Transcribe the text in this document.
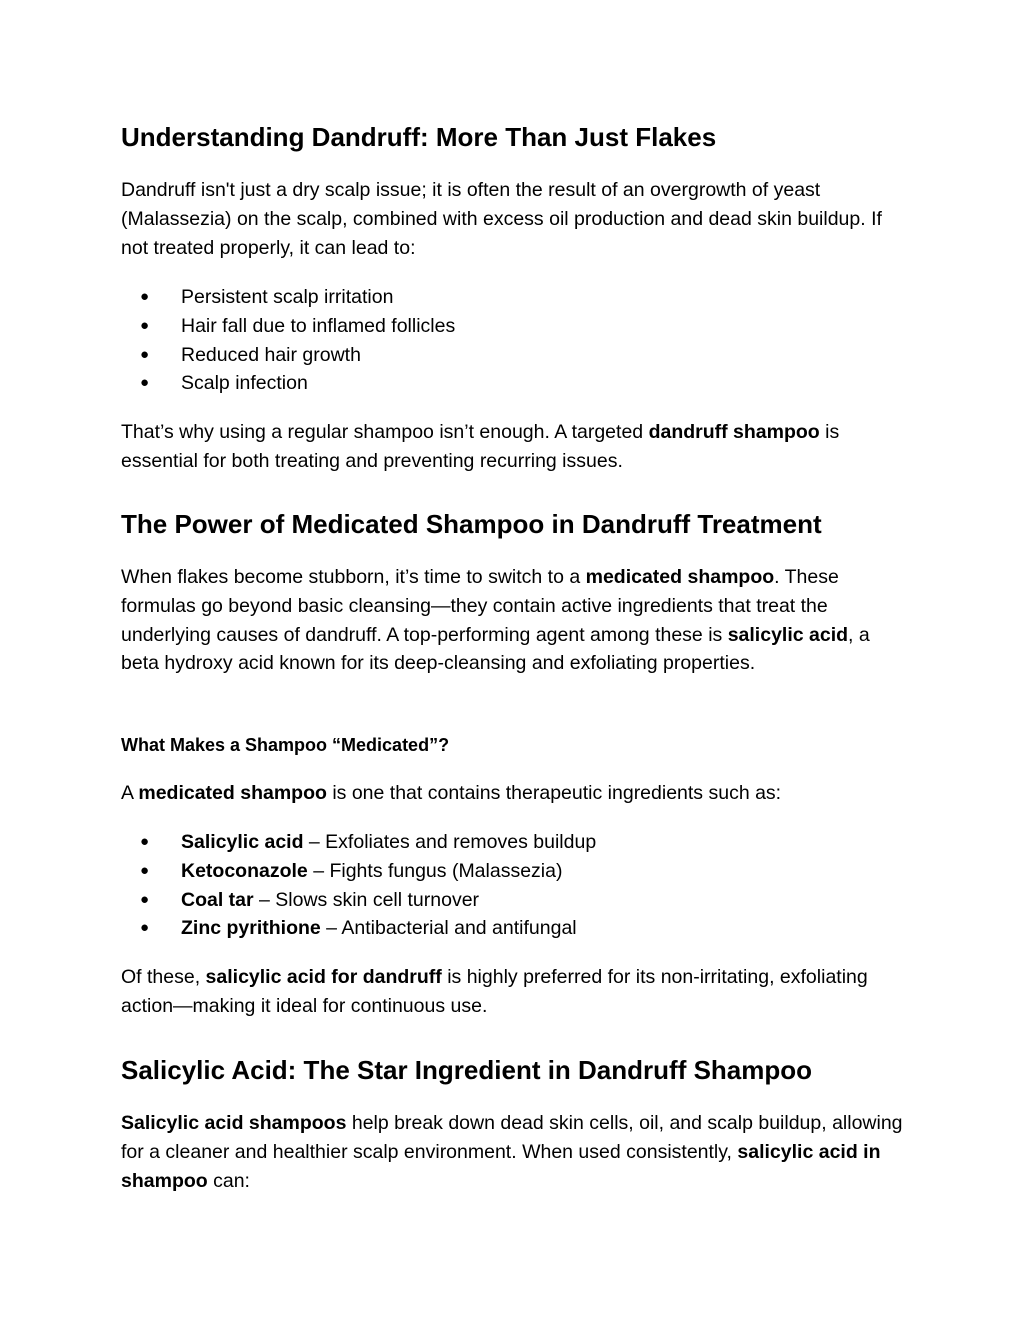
Understanding Dandruff: More Than Just Flakes

Dandruff isn't just a dry scalp issue; it is often the result of an overgrowth of yeast (Malassezia) on the scalp, combined with excess oil production and dead skin buildup. If not treated properly, it can lead to:

● Persistent scalp irritation
● Hair fall due to inflamed follicles
● Reduced hair growth
● Scalp infection

That’s why using a regular shampoo isn’t enough. A targeted dandruff shampoo is essential for both treating and preventing recurring issues.

The Power of Medicated Shampoo in Dandruff Treatment

When flakes become stubborn, it’s time to switch to a medicated shampoo. These formulas go beyond basic cleansing—they contain active ingredients that treat the underlying causes of dandruff. A top-performing agent among these is salicylic acid, a beta hydroxy acid known for its deep-cleansing and exfoliating properties.

What Makes a Shampoo “Medicated”?

A medicated shampoo is one that contains therapeutic ingredients such as:

● Salicylic acid – Exfoliates and removes buildup
● Ketoconazole – Fights fungus (Malassezia)
● Coal tar – Slows skin cell turnover
● Zinc pyrithione – Antibacterial and antifungal

Of these, salicylic acid for dandruff is highly preferred for its non-irritating, exfoliating action—making it ideal for continuous use.

Salicylic Acid: The Star Ingredient in Dandruff Shampoo

Salicylic acid shampoos help break down dead skin cells, oil, and scalp buildup, allowing for a cleaner and healthier scalp environment. When used consistently, salicylic acid in shampoo can:
